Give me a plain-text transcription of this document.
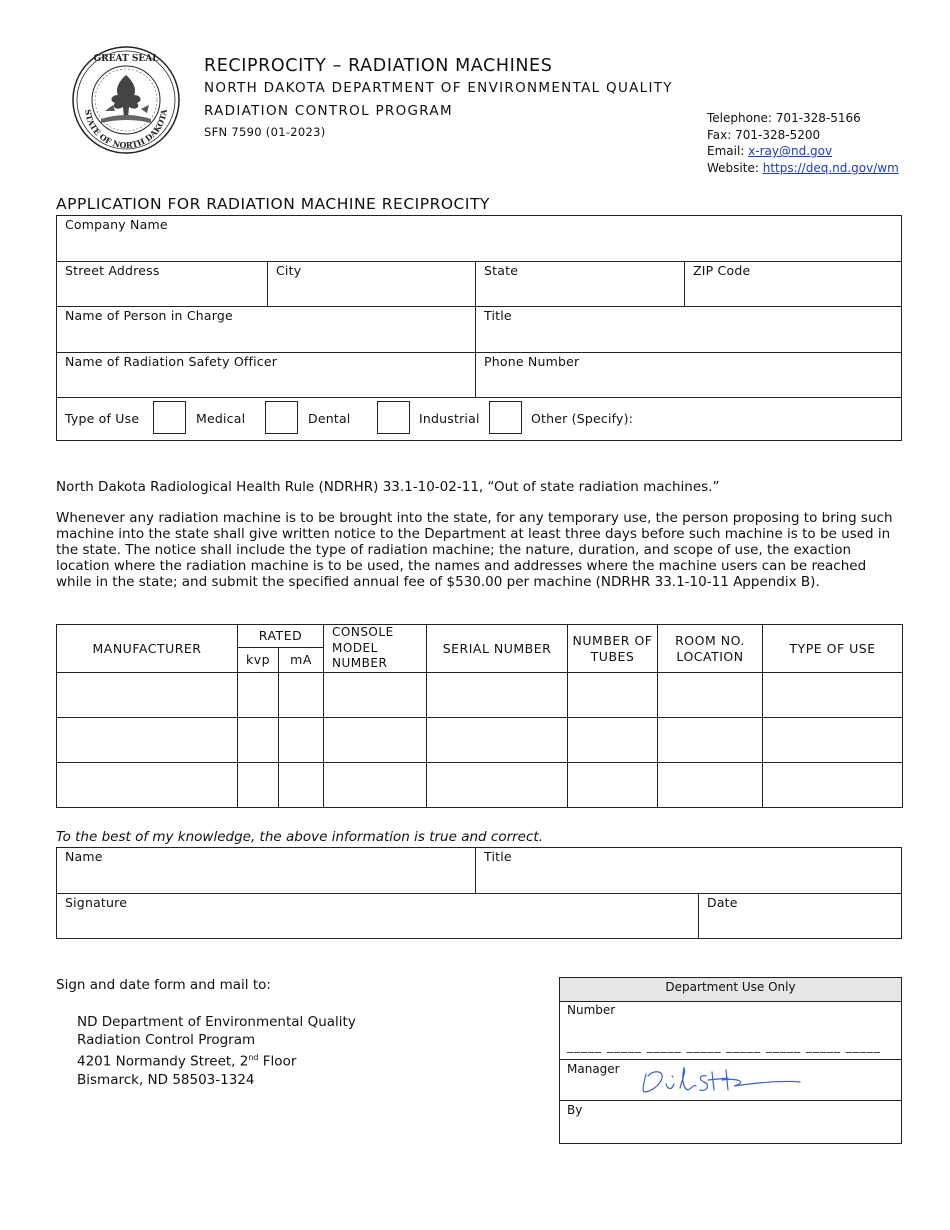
GREAT SEAL
STATE OF NORTH DAKOTA
RECIPROCITY – RADIATION MACHINES
NORTH DAKOTA DEPARTMENT OF ENVIRONMENTAL QUALITY
RADIATION CONTROL PROGRAM
SFN 7590 (01-2023)
Telephone: 701-328-5166
Fax: 701-328-5200
Email: x-ray@nd.gov
Website: https://deq.nd.gov/wm
APPLICATION FOR RADIATION MACHINE RECIPROCITY
Company Name
Street Address	City	State	ZIP Code
Name of Person in Charge	Title
Name of Radiation Safety Officer	Phone Number
Type of Use	Medical	Dental	Industrial	Other (Specify):
North Dakota Radiological Health Rule (NDRHR) 33.1-10-02-11, “Out of state radiation machines.”
Whenever any radiation machine is to be brought into the state, for any temporary use, the person proposing to bring such machine into the state shall give written notice to the Department at least three days before such machine is to be used in the state. The notice shall include the type of radiation machine; the nature, duration, and scope of use, the exaction location where the radiation machine is to be used, the names and addresses where the machine users can be reached while in the state; and submit the specified annual fee of $530.00 per machine (NDRHR 33.1-10-11 Appendix B).
MANUFACTURER	RATED		CONSOLE MODEL NUMBER	SERIAL NUMBER	NUMBER OF TUBES	ROOM NO. LOCATION	TYPE OF USE
	kvp	mA					

To the best of my knowledge, the above information is true and correct.
Name	Title
Signature	Date
Sign and date form and mail to:
ND Department of Environmental Quality
Radiation Control Program
4201 Normandy Street, 2nd Floor
Bismarck, ND 58503-1324
Department Use Only
Number
_____ _____ _____ _____ _____ _____ _____ _____
Manager
By
